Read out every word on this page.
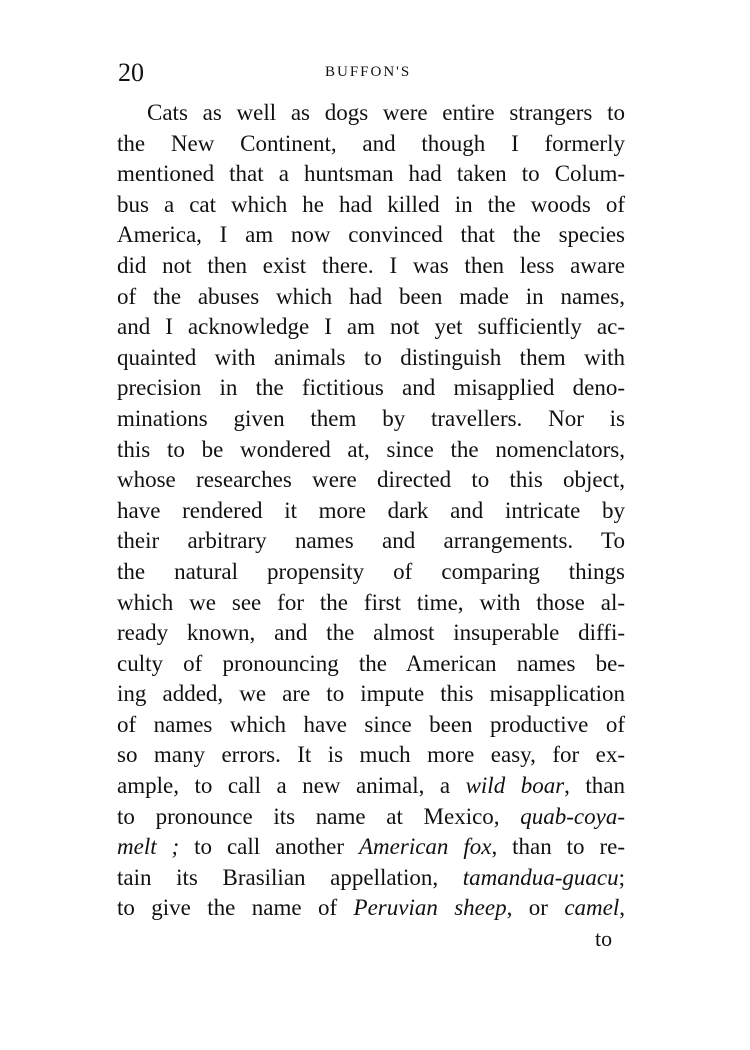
20	BUFFON'S
Cats as well as dogs were entire strangers to
the New Continent, and though I formerly
mentioned that a huntsman had taken to Colum-
bus a cat which he had killed in the woods of
America, I am now convinced that the species
did not then exist there. I was then less aware
of the abuses which had been made in names,
and I acknowledge I am not yet sufficiently ac-
quainted with animals to distinguish them with
precision in the fictitious and misapplied deno-
minations given them by travellers. Nor is
this to be wondered at, since the nomenclators,
whose researches were directed to this object,
have rendered it more dark and intricate by
their arbitrary names and arrangements. To
the natural propensity of comparing things
which we see for the first time, with those al-
ready known, and the almost insuperable diffi-
culty of pronouncing the American names be-
ing added, we are to impute this misapplication
of names which have since been productive of
so many errors. It is much more easy, for ex-
ample, to call a new animal, a wild boar, than
to pronounce its name at Mexico, quab-coya-
melt ; to call another American fox, than to re-
tain its Brasilian appellation, tamandua-guacu;
to give the name of Peruvian sheep, or camel,
to
